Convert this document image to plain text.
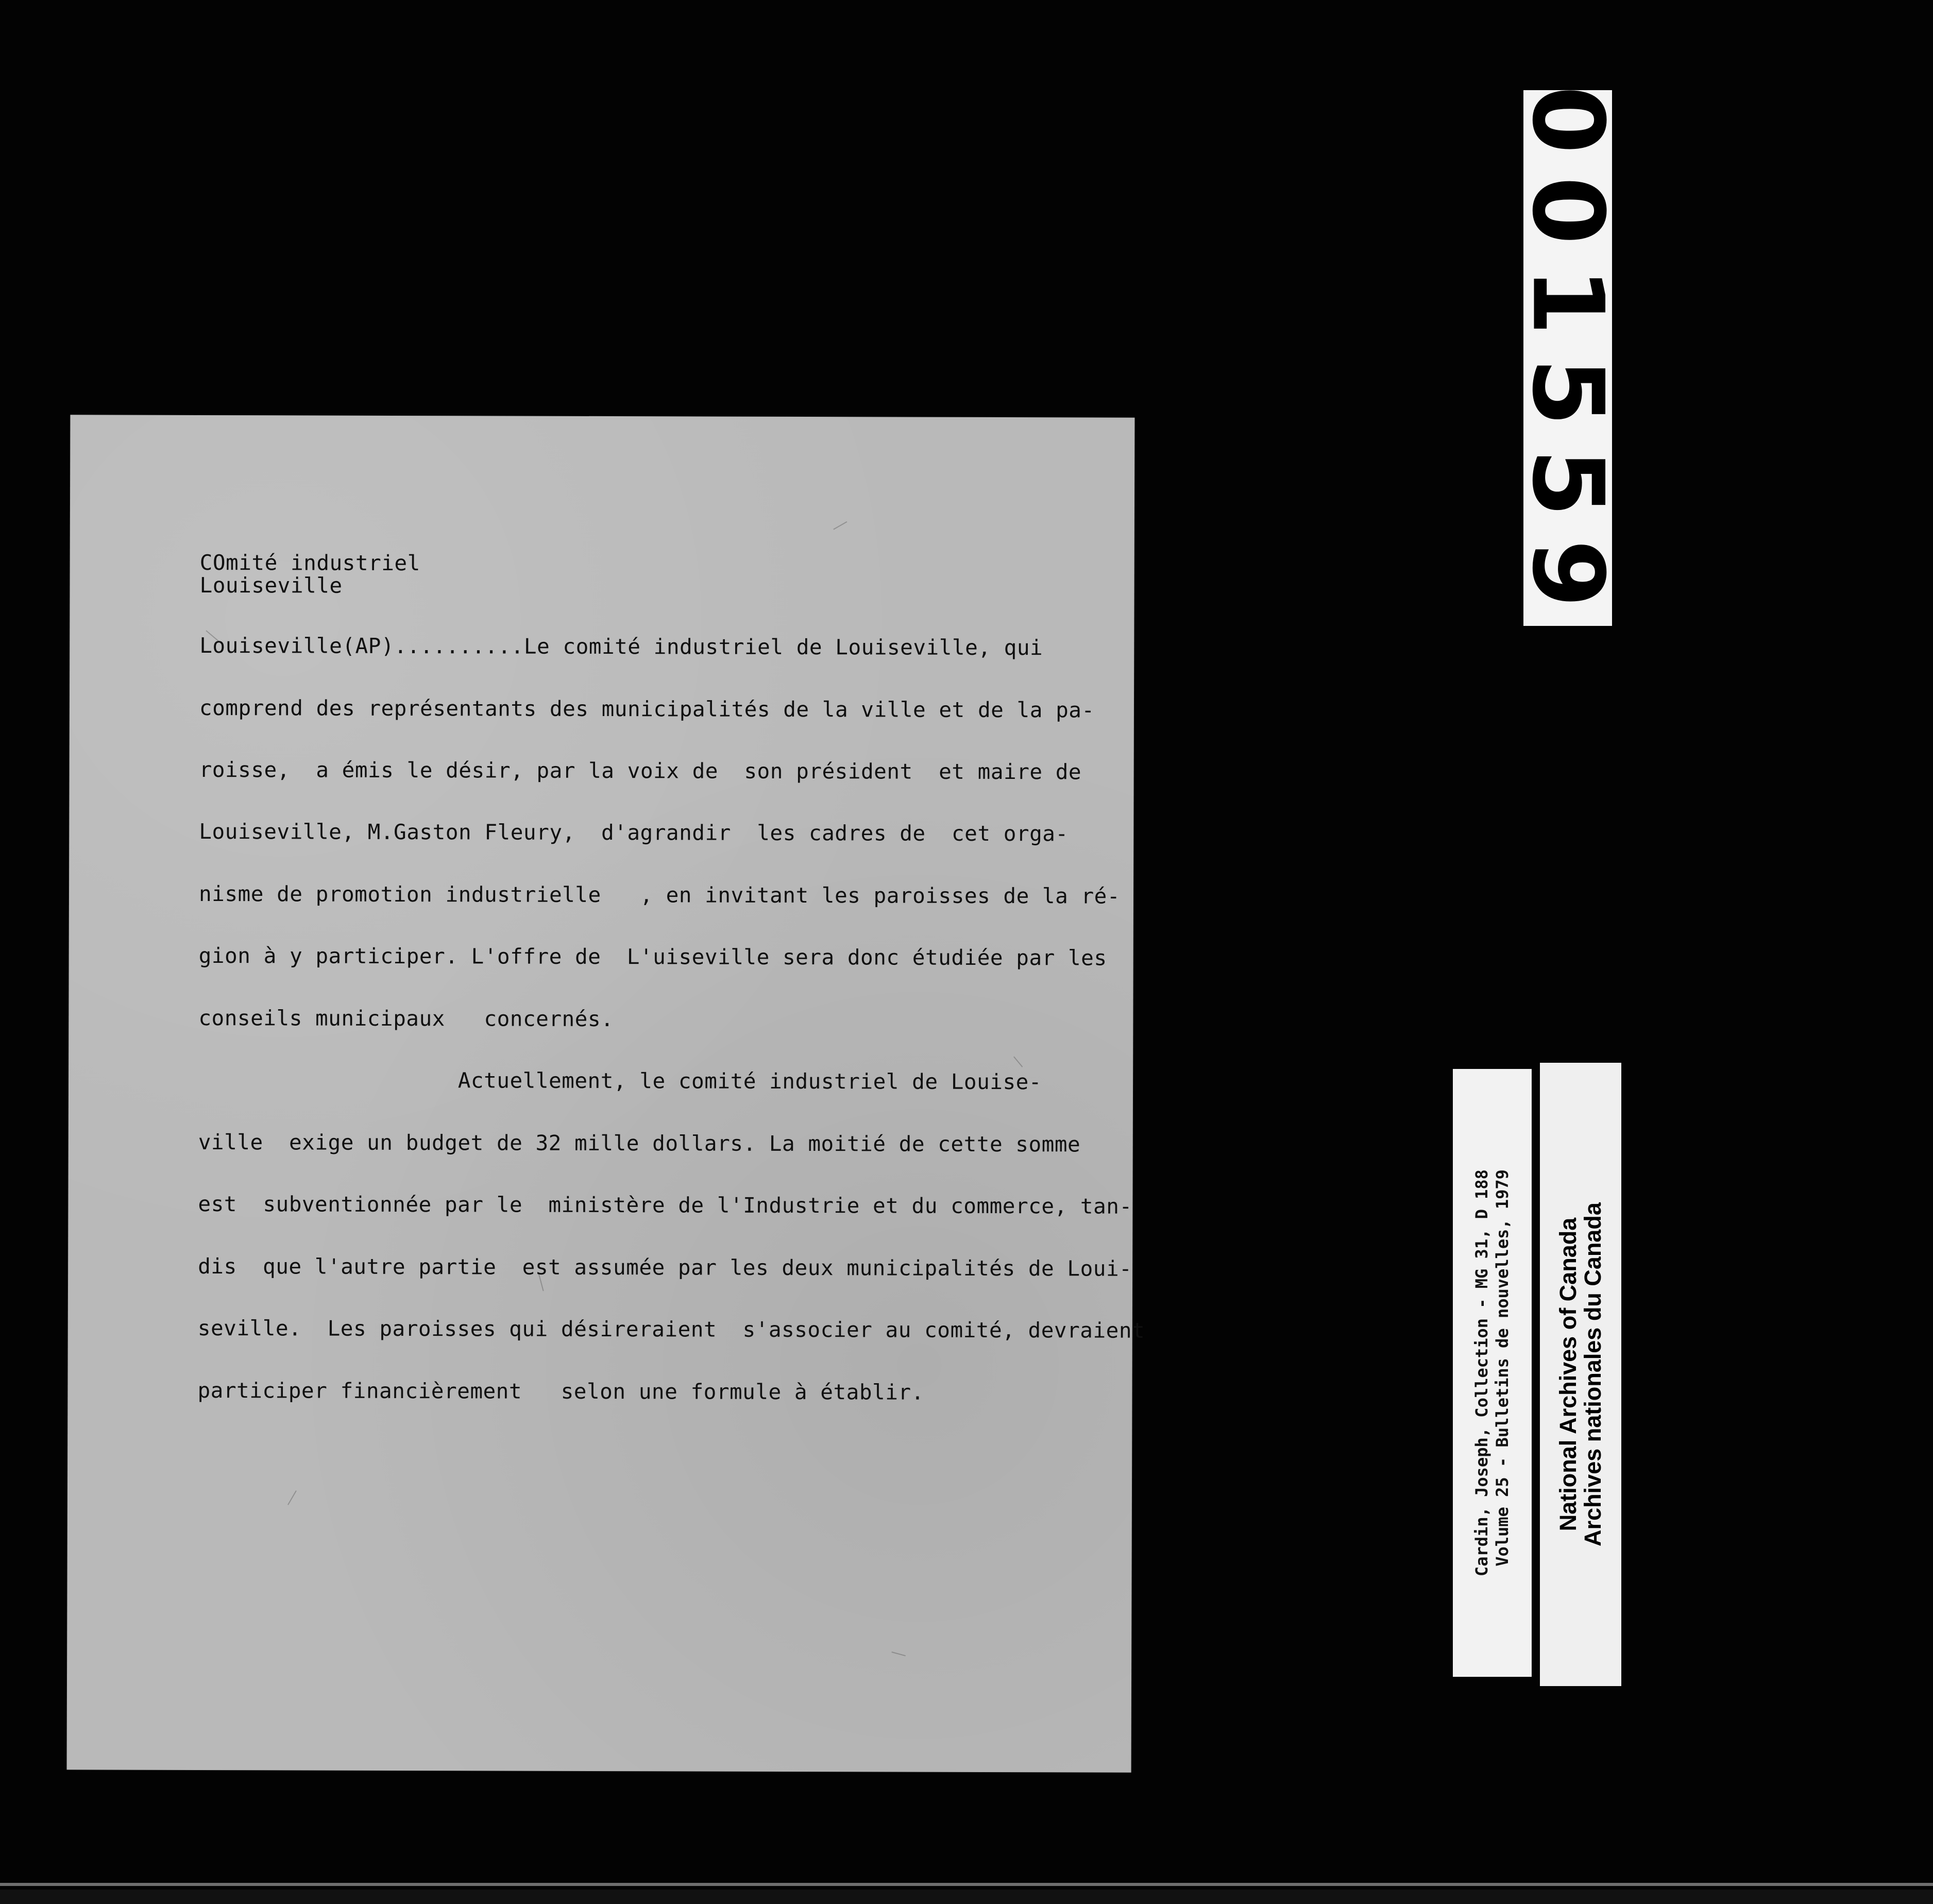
COmité industriel
Louiseville
Louiseville(AP)..........Le comité industriel de Louiseville, qui
comprend des représentants des municipalités de la ville et de la pa-
roisse,  a émis le désir, par la voix de  son président  et maire de
Louiseville, M.Gaston Fleury,  d'agrandir  les cadres de  cet orga-
nisme de promotion industrielle   , en invitant les paroisses de la ré-
gion à y participer. L'offre de  L'uiseville sera donc étudiée par les
conseils municipaux   concernés.
Actuellement, le comité industriel de Louise-
ville  exige un budget de 32 mille dollars. La moitié de cette somme
est  subventionnée par le  ministère de l'Industrie et du commerce, tan-
dis  que l'autre partie  est assumée par les deux municipalités de Loui-
seville.  Les paroisses qui désireraient  s'associer au comité, devraient
participer financièrement   selon une formule à établir.
001559
Cardin, Joseph, Collection - MG 31, D 188
Volume 25 - Bulletins de nouvelles, 1979 National Archives of Canada
Archives nationales du Canada
